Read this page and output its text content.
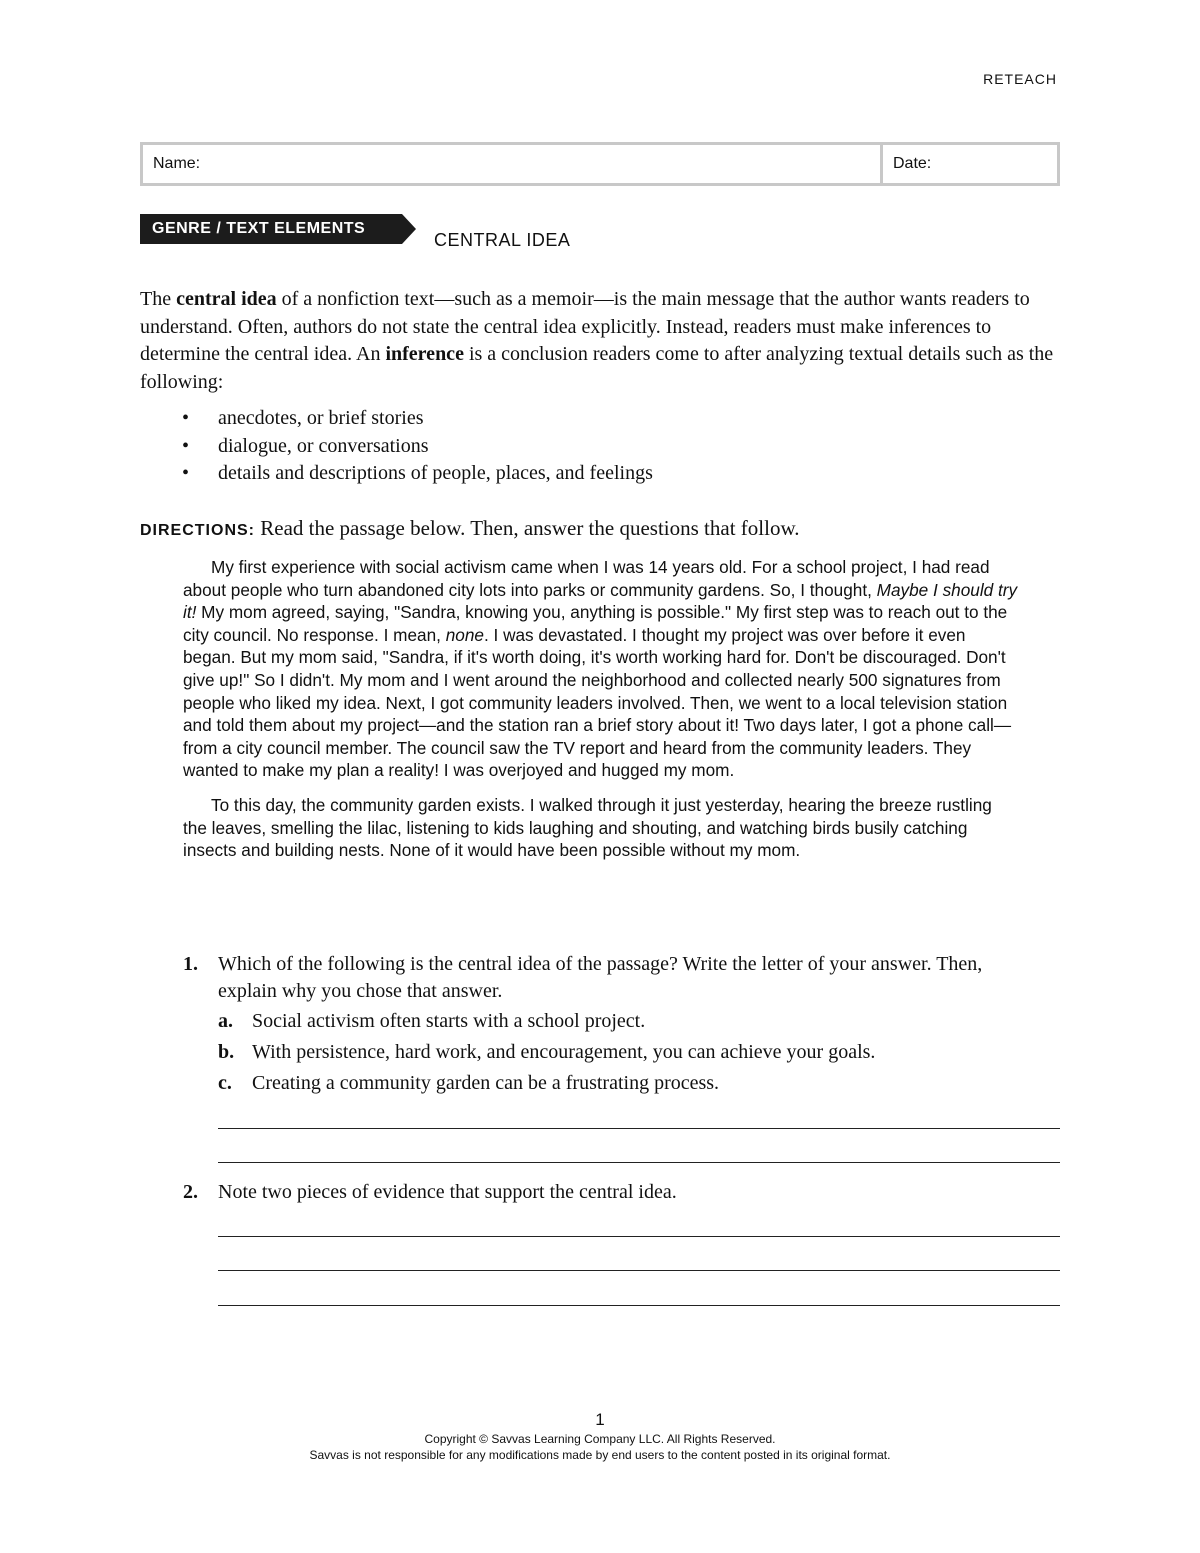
RETEACH
Name:	Date:
GENRE / TEXT ELEMENTS
CENTRAL IDEA
The central idea of a nonfiction text—such as a memoir—is the main message that the author wants readers to understand. Often, authors do not state the central idea explicitly. Instead, readers must make inferences to determine the central idea. An inference is a conclusion readers come to after analyzing textual details such as the following:
•	anecdotes, or brief stories
•	dialogue, or conversations
•	details and descriptions of people, places, and feelings
DIRECTIONS: Read the passage below. Then, answer the questions that follow.

My first experience with social activism came when I was 14 years old. For a school project, I had read about people who turn abandoned city lots into parks or community gardens. So, I thought, Maybe I should try it! My mom agreed, saying, "Sandra, knowing you, anything is possible." My first step was to reach out to the city council. No response. I mean, none. I was devastated. I thought my project was over before it even began. But my mom said, "Sandra, if it's worth doing, it's worth working hard for. Don't be discouraged. Don't give up!" So I didn't. My mom and I went around the neighborhood and collected nearly 500 signatures from people who liked my idea. Next, I got community leaders involved. Then, we went to a local television station and told them about my project—and the station ran a brief story about it! Two days later, I got a phone call—from a city council member. The council saw the TV report and heard from the community leaders. They wanted to make my plan a reality! I was overjoyed and hugged my mom.

To this day, the community garden exists. I walked through it just yesterday, hearing the breeze rustling the leaves, smelling the lilac, listening to kids laughing and shouting, and watching birds busily catching insects and building nests. None of it would have been possible without my mom.

1. Which of the following is the central idea of the passage? Write the letter of your answer. Then, explain why you chose that answer.
a. Social activism often starts with a school project.
b. With persistence, hard work, and encouragement, you can achieve your goals.
c. Creating a community garden can be a frustrating process.
2. Note two pieces of evidence that support the central idea.
1
Copyright © Savvas Learning Company LLC. All Rights Reserved.
Savvas is not responsible for any modifications made by end users to the content posted in its original format.
